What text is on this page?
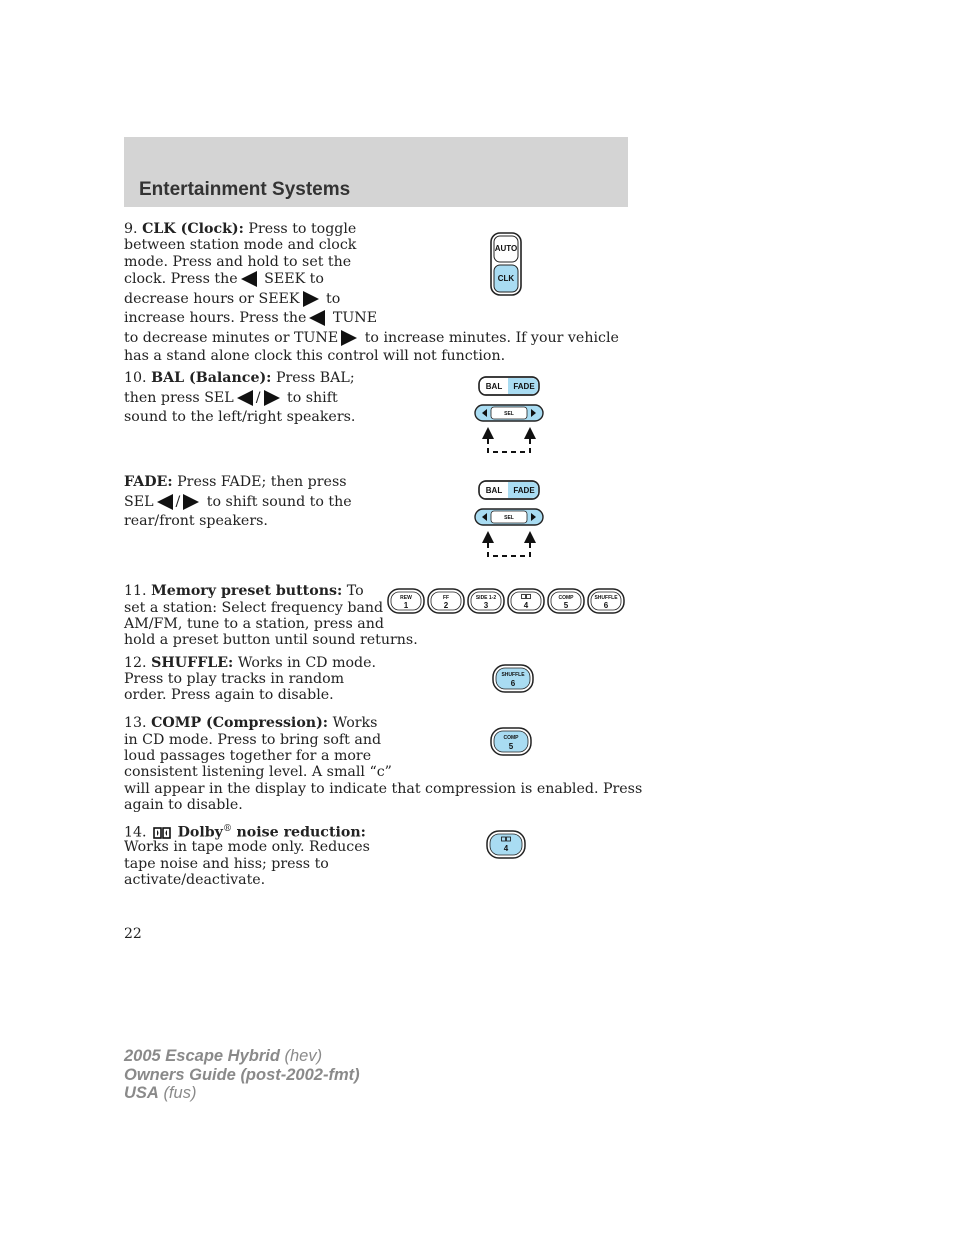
Entertainment Systems
9. CLK (Clock): Press to toggle
between station mode and clock
mode. Press and hold to set the
clock. Press the SEEK to
decrease hours or SEEK to
increase hours. Press the TUNE
to decrease minutes or TUNE to increase minutes. If your vehicle
has a stand alone clock this control will not function.
AUTO
CLK
10. BAL (Balance): Press BAL;
then press SEL / to shift
sound to the left/right speakers.
BAL FADE
SEL
FADE: Press FADE; then press
SEL / to shift sound to the
rear/front speakers.
BAL FADE
SEL
11. Memory preset buttons: To
set a station: Select frequency band
AM/FM, tune to a station, press and
hold a preset button until sound returns.
REW
1
FF
2
SIDE 1-2
3	4
COMP
5
SHUFFLE
6
12. SHUFFLE: Works in CD mode.
Press to play tracks in random
order. Press again to disable.
SHUFFLE
6
13. COMP (Compression): Works
in CD mode. Press to bring soft and
loud passages together for a more
consistent listening level. A small “c”
will appear in the display to indicate that compression is enabled. Press
again to disable.
COMP
5
14. Dolby® noise reduction:
Works in tape mode only. Reduces
tape noise and hiss; press to
activate/deactivate.
4
22
2005 Escape Hybrid (hev)
Owners Guide (post-2002-fmt)
USA (fus)
